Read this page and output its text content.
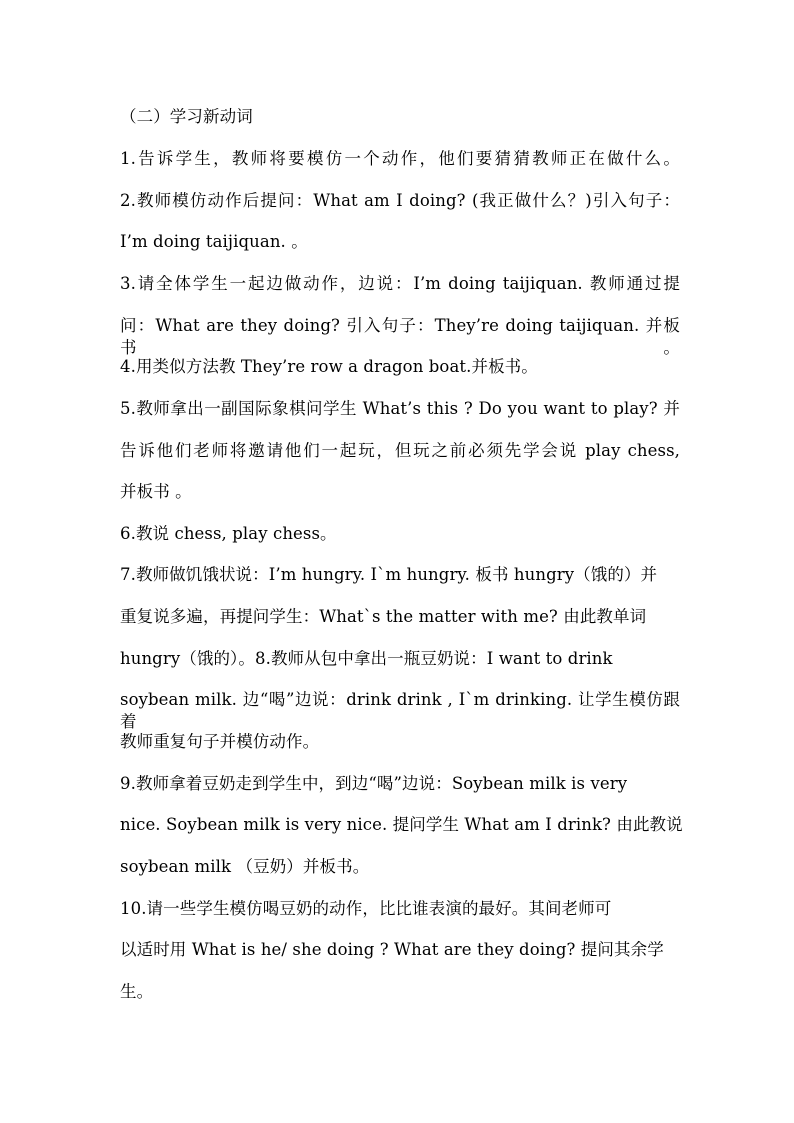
（二）学习新动词
1.告诉学生，教师将要模仿一个动作，他们要猜猜教师正在做什么。
2.教师模仿动作后提问：What am I doing? (我正做什么？)引入句子：
I’m doing taijiquan. 。
3.请全体学生一起边做动作，边说：I’m doing taijiquan. 教师通过提
问：What are they doing? 引入句子：They’re doing taijiquan. 并板书。
4.用类似方法教 They’re row a dragon boat.并板书。
5.教师拿出一副国际象棋问学生 What’s this ? Do you want to play? 并
告诉他们老师将邀请他们一起玩，但玩之前必须先学会说 play chess,
并板书 。
6.教说 chess, play chess。
7.教师做饥饿状说：I’m hungry. I`m hungry. 板书 hungry（饿的）并
重复说多遍，再提问学生：What`s the matter with me? 由此教单词
hungry（饿的）。8.教师从包中拿出一瓶豆奶说：I want to drink
soybean milk. 边“喝”边说：drink drink , I`m drinking. 让学生模仿跟着
教师重复句子并模仿动作。
9.教师拿着豆奶走到学生中，到边“喝”边说：Soybean milk is very
nice. Soybean milk is very nice. 提问学生 What am I drink? 由此教说
soybean milk （豆奶）并板书。
10.请一些学生模仿喝豆奶的动作，比比谁表演的最好。其间老师可
以适时用 What is he/ she doing ? What are they doing? 提问其余学
生。
